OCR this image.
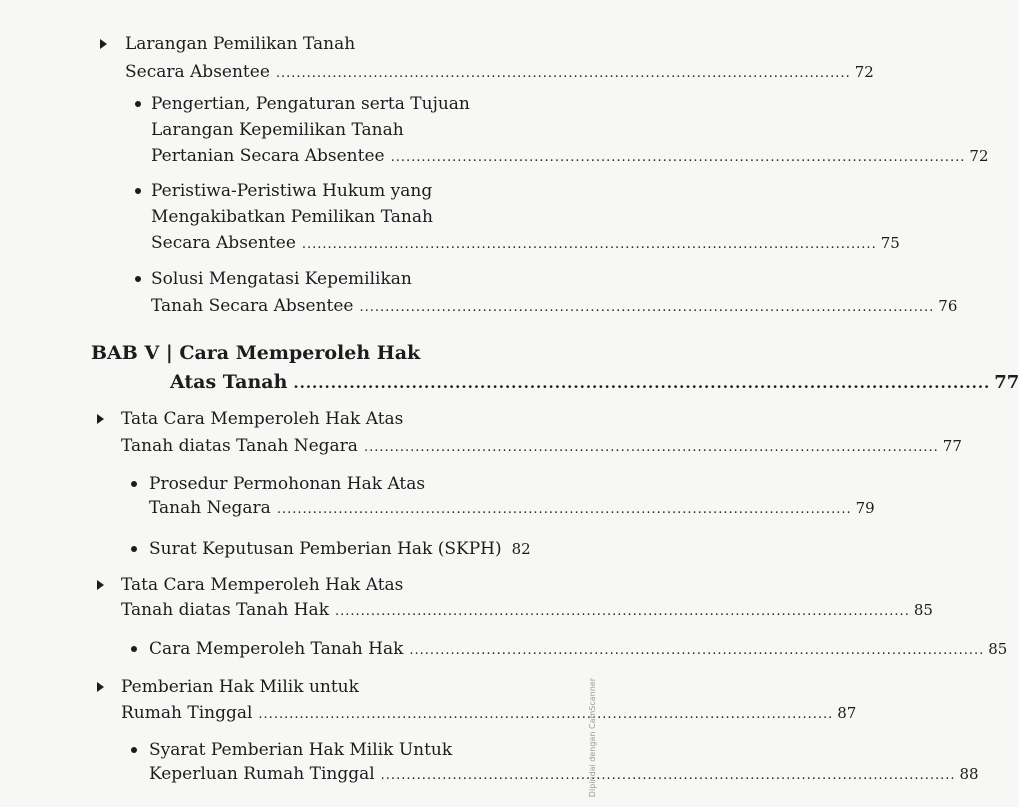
Larangan Pemilikan Tanah
Secara Absentee ................................................................................................................ 72
Pengertian, Pengaturan serta Tujuan
Larangan Kepemilikan Tanah
Pertanian Secara Absentee ................................................................................................................ 72
Peristiwa-Peristiwa Hukum yang
Mengakibatkan Pemilikan Tanah
Secara Absentee ................................................................................................................ 75
Solusi Mengatasi Kepemilikan
Tanah Secara Absentee ................................................................................................................ 76
BAB V | Cara Memperoleh Hak
Atas Tanah ................................................................................................................ 77
Tata Cara Memperoleh Hak Atas
Tanah diatas Tanah Negara ................................................................................................................ 77
Prosedur Permohonan Hak Atas
Tanah Negara ................................................................................................................ 79
Surat Keputusan Pemberian Hak (SKPH) 82
Tata Cara Memperoleh Hak Atas
Tanah diatas Tanah Hak ................................................................................................................ 85
Cara Memperoleh Tanah Hak ................................................................................................................ 85
Pemberian Hak Milik untuk
Rumah Tinggal ................................................................................................................ 87
Syarat Pemberian Hak Milik Untuk
Keperluan Rumah Tinggal ................................................................................................................ 88
Dipindai dengan CamScanner
